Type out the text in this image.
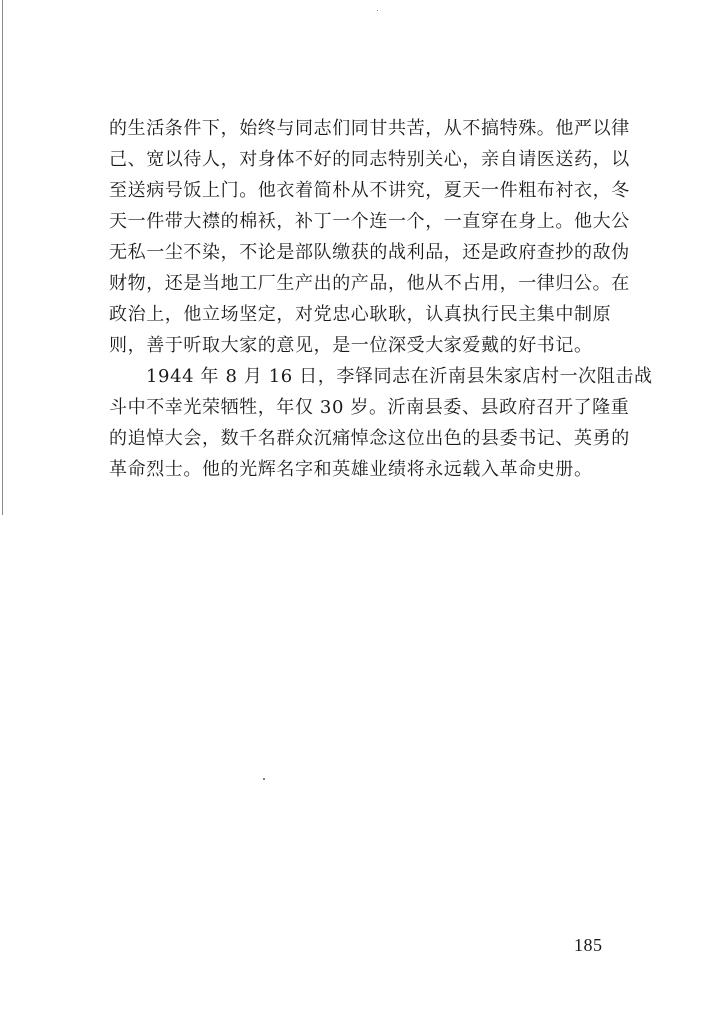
的生活条件下，始终与同志们同甘共苦，从不搞特殊。他严以律
己、宽以待人，对身体不好的同志特别关心，亲自请医送药，以
至送病号饭上门。他衣着简朴从不讲究，夏天一件粗布衬衣，冬
天一件带大襟的棉袄，补丁一个连一个，一直穿在身上。他大公
无私一尘不染，不论是部队缴获的战利品，还是政府查抄的敌伪
财物，还是当地工厂生产出的产品，他从不占用，一律归公。在
政治上，他立场坚定，对党忠心耿耿，认真执行民主集中制原
则，善于听取大家的意见，是一位深受大家爱戴的好书记。
1944 年 8 月 16 日，李铎同志在沂南县朱家店村一次阻击战
斗中不幸光荣牺牲，年仅 30 岁。沂南县委、县政府召开了隆重
的追悼大会，数千名群众沉痛悼念这位出色的县委书记、英勇的
革命烈士。他的光辉名字和英雄业绩将永远载入革命史册。
185
